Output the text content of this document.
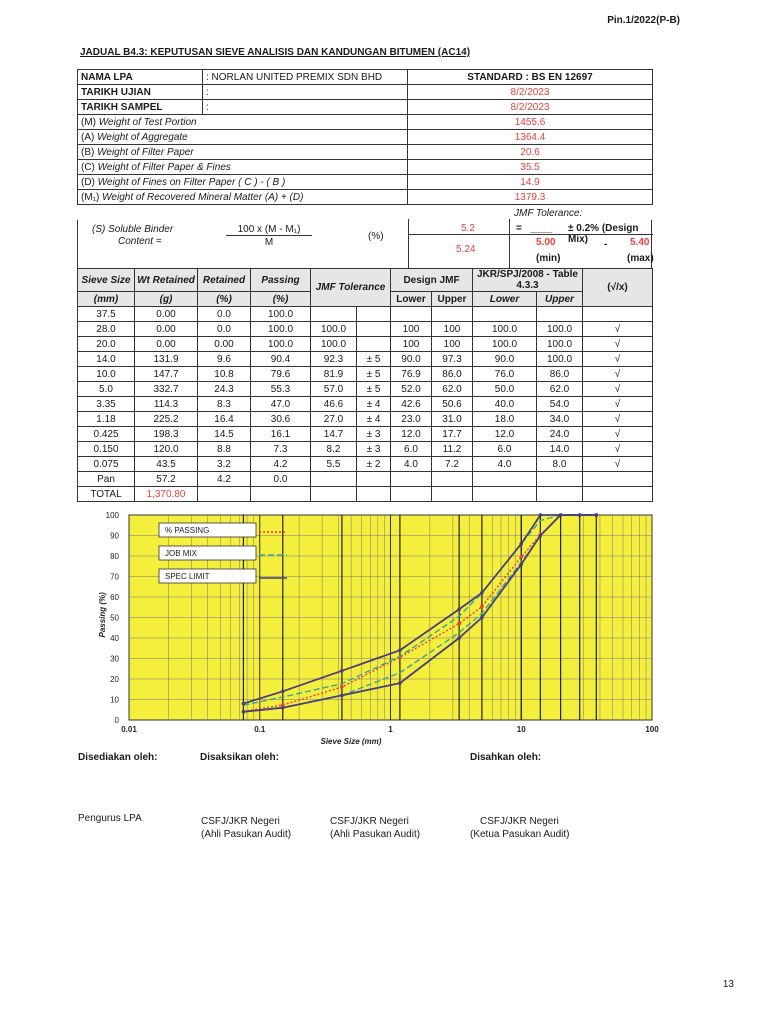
Pin.1/2022(P-B)
JADUAL B4.3: KEPUTUSAN SIEVE ANALISIS DAN KANDUNGAN BITUMEN (AC14)
NAMA LPA	: NORLAN UNITED PREMIX SDN BHD	STANDARD : BS EN 12697
TARIKH UJIAN	:	8/2/2023
TARIKH SAMPEL	:	8/2/2023
(M) Weight of Test Portion		1455.6
(A) Weight of Aggregate		1364.4
(B) Weight of Filter Paper		20.6
(C) Weight of Filter Paper & Fines		35.5
(D) Weight of Fines on Filter Paper ( C ) - ( B )		14.9
(M₁) Weight of Recovered Mineral Matter (A) + (D)		1379.3
JMF Tolerance:
(S) Soluble Binder
Content =
100 x (M - M₁)
M
(%)
5.2
5.24
= ____ ± 0.2% (Design Mix)
5.00	- 5.40
(min)	(max)
Sieve Size	Wt Retained	Retained	Passing	JMF Tolerance		Design JMF		JKR/SPJ/2008 - Table 4.3.3		(√/x)
(mm)	(g)	(%)	(%)			Lower	Upper	Lower	Upper	
37.5	0.00	0.0	100.0							
28.0	0.00	0.0	100.0	100.0		100	100	100.0	100.0	√
20.0	0.00	0.00	100.0	100.0		100	100	100.0	100.0	√
14.0	131.9	9.6	90.4	92.3	± 5	90.0	97.3	90.0	100.0	√
10.0	147.7	10.8	79.6	81.9	± 5	76.9	86.0	76.0	86.0	√
5.0	332.7	24.3	55.3	57.0	± 5	52.0	62.0	50.0	62.0	√
3.35	114.3	8.3	47.0	46.6	± 4	42.6	50.6	40.0	54.0	√
1.18	225.2	16.4	30.6	27.0	± 4	23.0	31.0	18.0	34.0	√
0.425	198.3	14.5	16.1	14.7	± 3	12.0	17.7	12.0	24.0	√
0.150	120.0	8.8	7.3	8.2	± 3	6.0	11.2	6.0	14.0	√
0.075	43.5	3.2	4.2	5.5	± 2	4.0	7.2	4.0	8.0	√
Pan	57.2	4.2	0.0							
TOTAL	1,370.80									
0
10
20
30
40
50
60
70
80
90
100
0.01	0.1	1	10	100
Sieve Size (mm)
Passing (%)
% PASSING
JOB MIX
SPEC LIMIT
Disediakan oleh:	Disaksikan oleh:	Disahkan oleh:
Pengurus LPA	CSFJ/JKR Negeri
(Ahli Pasukan Audit)
CSFJ/JKR Negeri
(Ahli Pasukan Audit)
CSFJ/JKR Negeri
(Ketua Pasukan Audit)
13
